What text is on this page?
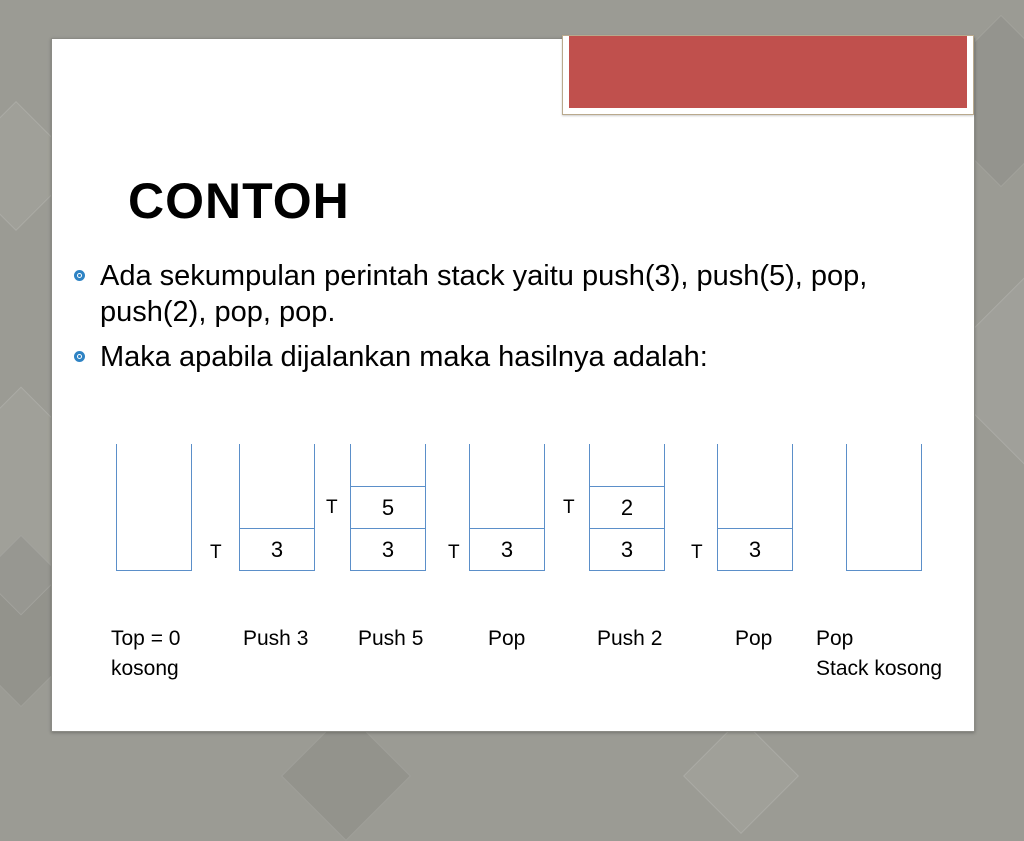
CONTOH
Ada sekumpulan perintah stack yaitu push(3), push(5), pop, push(2), pop, pop.
Maka apabila dijalankan maka hasilnya adalah:
Top = 0
kosong
3
T
Push 3
3
5
T
Push 5
3
T
Pop
3
2
T
Push 2
3
T
Pop Pop
Stack kosong
